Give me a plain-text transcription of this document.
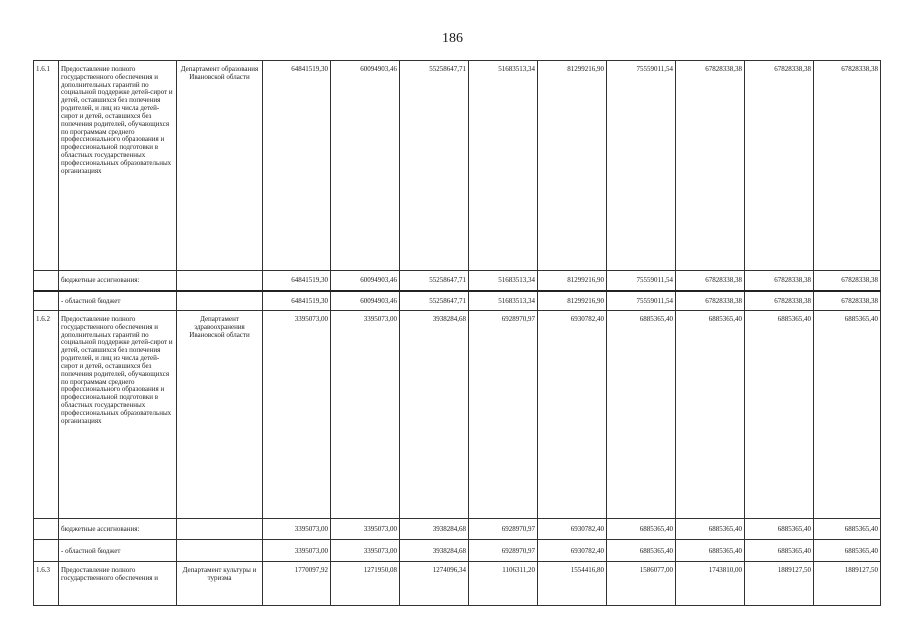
186
1.6.1	Предоставление полного государственного обеспечения и дополнительных гарантий по социальной поддержке детей-сирот и детей, оставшихся без попечения родителей, и лиц из числа детей-сирот и детей, оставшихся без попечения родителей, обучающихся по программам среднего профессионального образования и профессиональной подготовки в областных государственных профессиональных образовательных организациях	Департамент образования Ивановской области	64841519,30	60094903,46	55258647,71	51683513,34	81299216,90	75559011,54	67828338,38	67828338,38	67828338,38
	бюджетные ассигнования:		64841519,30	60094903,46	55258647,71	51683513,34	81299216,90	75559011,54	67828338,38	67828338,38	67828338,38
	- областной бюджет		64841519,30	60094903,46	55258647,71	51683513,34	81299216,90	75559011,54	67828338,38	67828338,38	67828338,38
1.6.2	Предоставление полного государственного обеспечения и дополнительных гарантий по социальной поддержке детей-сирот и детей, оставшихся без попечения родителей, и лиц из числа детей-сирот и детей, оставшихся без попечения родителей, обучающихся по программам среднего профессионального образования и профессиональной подготовки в областных государственных профессиональных образовательных организациях	Департамент здравоохранения Ивановской области	3395073,00	3395073,00	3938284,68	6928970,97	6930782,40	6885365,40	6885365,40	6885365,40	6885365,40
	бюджетные ассигнования:		3395073,00	3395073,00	3938284,68	6928970,97	6930782,40	6885365,40	6885365,40	6885365,40	6885365,40
	- областной бюджет		3395073,00	3395073,00	3938284,68	6928970,97	6930782,40	6885365,40	6885365,40	6885365,40	6885365,40
1.6.3	Предоставление полного государственного обеспечения и	Департамент культуры и туризма	1770097,92	1271950,08	1274096,34	1106311,20	1554416,80	1586077,00	1743810,00	1889127,50	1889127,50
